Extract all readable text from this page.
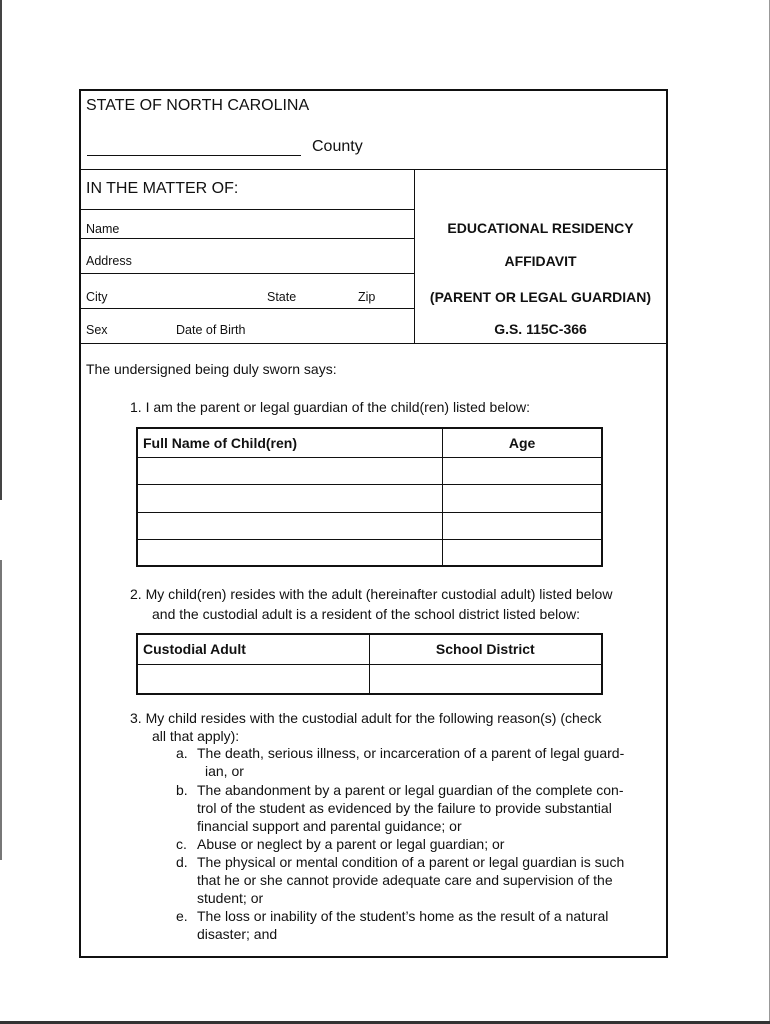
STATE OF NORTH CAROLINA
County
IN THE MATTER OF:
Name
Address
City	State	Zip
Sex	Date of Birth
EDUCATIONAL RESIDENCY
AFFIDAVIT
(PARENT OR LEGAL GUARDIAN)
G.S. 115C-366
The undersigned being duly sworn says:
1. I am the parent or legal guardian of the child(ren) listed below:
Full Name of Child(ren)	Age

2. My child(ren) resides with the adult (hereinafter custodial adult) listed below
and the custodial adult is a resident of the school district listed below:
Custodial Adult	School District

3. My child resides with the custodial adult for the following reason(s) (check
all that apply):
a. The death, serious illness, or incarceration of a parent of legal guard-
ian, or
b. The abandonment by a parent or legal guardian of the complete con-
trol of the student as evidenced by the failure to provide substantial
financial support and parental guidance; or
c. Abuse or neglect by a parent or legal guardian; or
d. The physical or mental condition of a parent or legal guardian is such
that he or she cannot provide adequate care and supervision of the
student; or
e. The loss or inability of the student’s home as the result of a natural
disaster; and
